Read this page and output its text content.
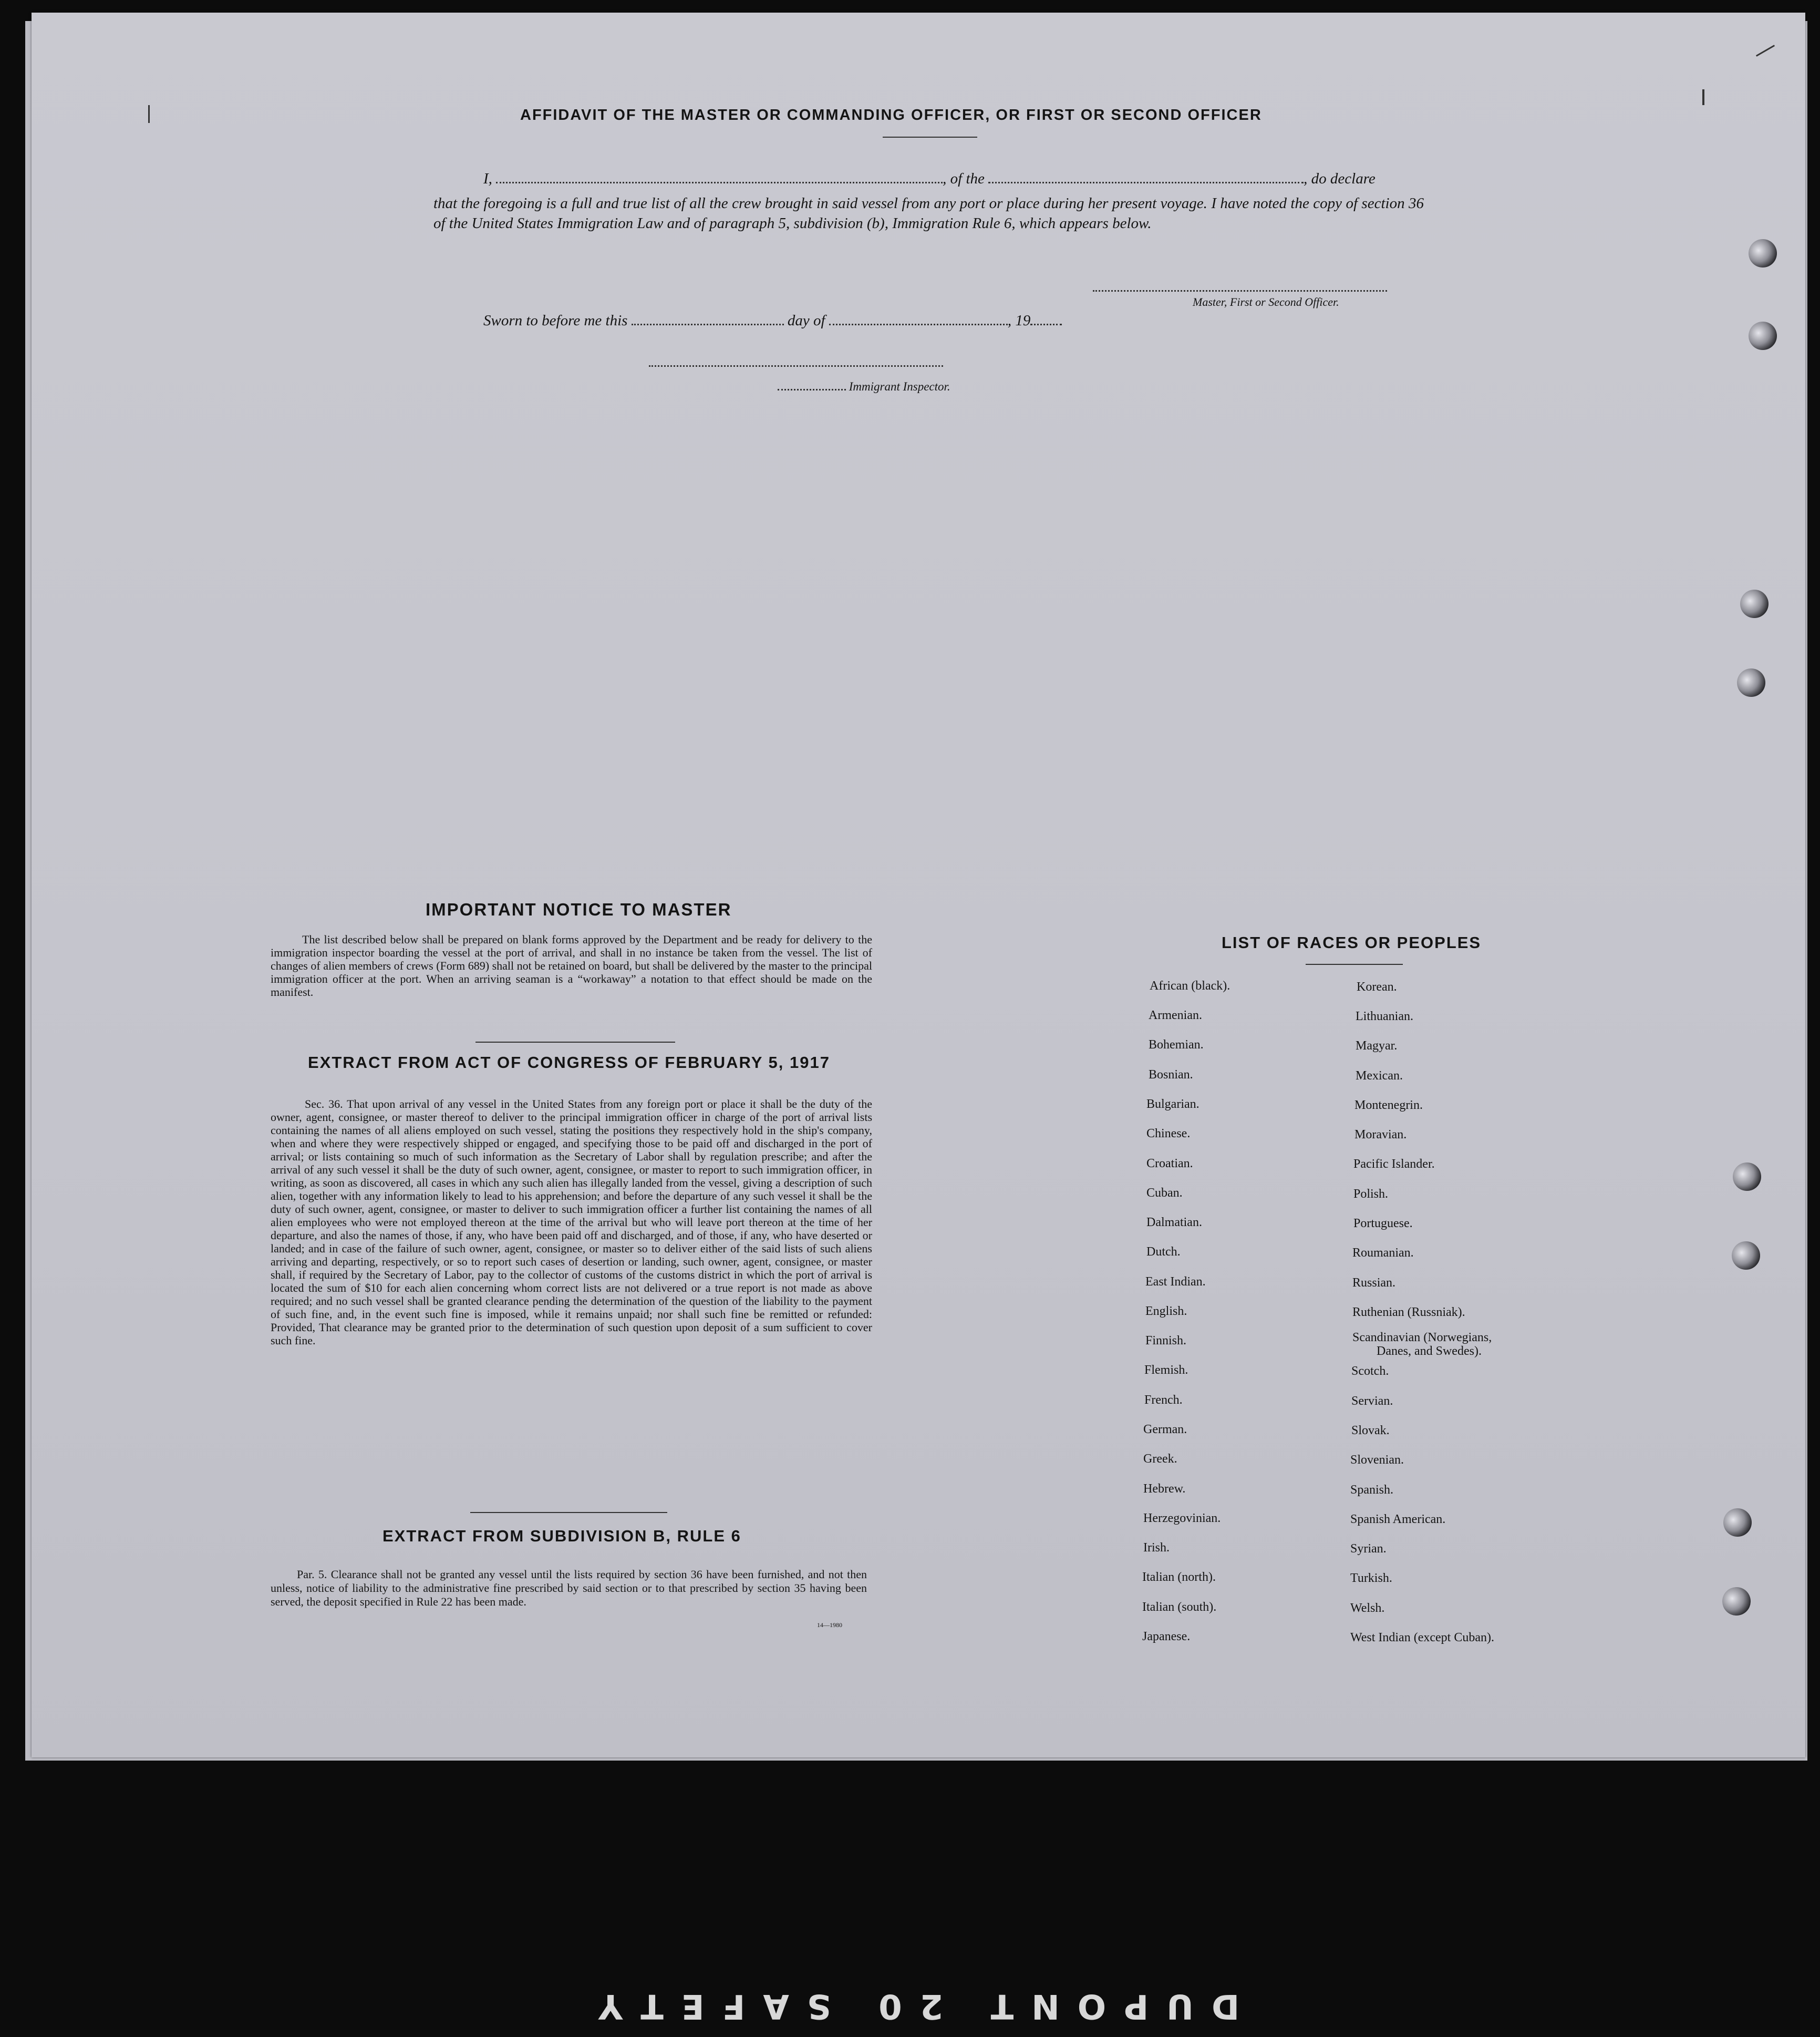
AFFIDAVIT OF THE MASTER OR COMMANDING OFFICER, OR FIRST OR SECOND OFFICER
I,	, of the	, do declare
that the foregoing is a full and true list of all the crew brought in said vessel from any port or place during her present voyage. I have noted the copy of section 36 of the United States Immigration Law and of paragraph 5, subdivision (b), Immigration Rule 6, which appears below.
Master, First or Second Officer.
Sworn to before me this	day of	, 19
Immigrant Inspector.
IMPORTANT NOTICE TO MASTER
The list described below shall be prepared on blank forms approved by the Department and be ready for delivery to the immigration inspector boarding the vessel at the port of arrival, and shall in no instance be taken from the vessel. The list of changes of alien members of crews (Form 689) shall not be retained on board, but shall be delivered by the master to the principal immigration officer at the port. When an arriving seaman is a “workaway” a notation to that effect should be made on the manifest.
EXTRACT FROM ACT OF CONGRESS OF FEBRUARY 5, 1917
Sec. 36. That upon arrival of any vessel in the United States from any foreign port or place it shall be the duty of the owner, agent, consignee, or master thereof to deliver to the principal immigration officer in charge of the port of arrival lists containing the names of all aliens employed on such vessel, stating the positions they respectively hold in the ship's company, when and where they were respectively shipped or engaged, and specifying those to be paid off and discharged in the port of arrival; or lists containing so much of such information as the Secretary of Labor shall by regulation prescribe; and after the arrival of any such vessel it shall be the duty of such owner, agent, consignee, or master to report to such immigration officer, in writing, as soon as discovered, all cases in which any such alien has illegally landed from the vessel, giving a description of such alien, together with any information likely to lead to his apprehension; and before the departure of any such vessel it shall be the duty of such owner, agent, consignee, or master to deliver to such immigration officer a further list containing the names of all alien employees who were not employed thereon at the time of the arrival but who will leave port thereon at the time of her departure, and also the names of those, if any, who have been paid off and discharged, and of those, if any, who have deserted or landed; and in case of the failure of such owner, agent, consignee, or master so to deliver either of the said lists of such aliens arriving and departing, respectively, or so to report such cases of desertion or landing, such owner, agent, consignee, or master shall, if required by the Secretary of Labor, pay to the collector of customs of the customs district in which the port of arrival is located the sum of $10 for each alien concerning whom correct lists are not delivered or a true report is not made as above required; and no such vessel shall be granted clearance pending the determination of the question of the liability to the payment of such fine, and, in the event such fine is imposed, while it remains unpaid; nor shall such fine be remitted or refunded: Provided, That clearance may be granted prior to the determination of such question upon deposit of a sum sufficient to cover such fine.
EXTRACT FROM SUBDIVISION B, RULE 6
Par. 5. Clearance shall not be granted any vessel until the lists required by section 36 have been furnished, and not then unless, notice of liability to the administrative fine prescribed by said section or to that prescribed by section 35 having been served, the deposit specified in Rule 22 has been made.
14—1980
LIST OF RACES OR PEOPLES
African (black).
Armenian.
Bohemian.
Bosnian.
Bulgarian.
Chinese.
Croatian.
Cuban.
Dalmatian.
Dutch.
East Indian.
English.
Finnish.
Flemish.
French.
German.
Greek.
Hebrew.
Herzegovinian.
Irish.
Italian (north).
Italian (south).
Japanese.
Korean.
Lithuanian.
Magyar.
Mexican.
Montenegrin.
Moravian.
Pacific Islander.
Polish.
Portuguese.
Roumanian.
Russian.
Ruthenian (Russniak).
Scandinavian (Norwegians,
Danes, and Swedes).
Scotch.
Servian.
Slovak.
Slovenian.
Spanish.
Spanish American.
Syrian.
Turkish.
Welsh.
West Indian (except Cuban).
DUPONT 20 SAFETY
